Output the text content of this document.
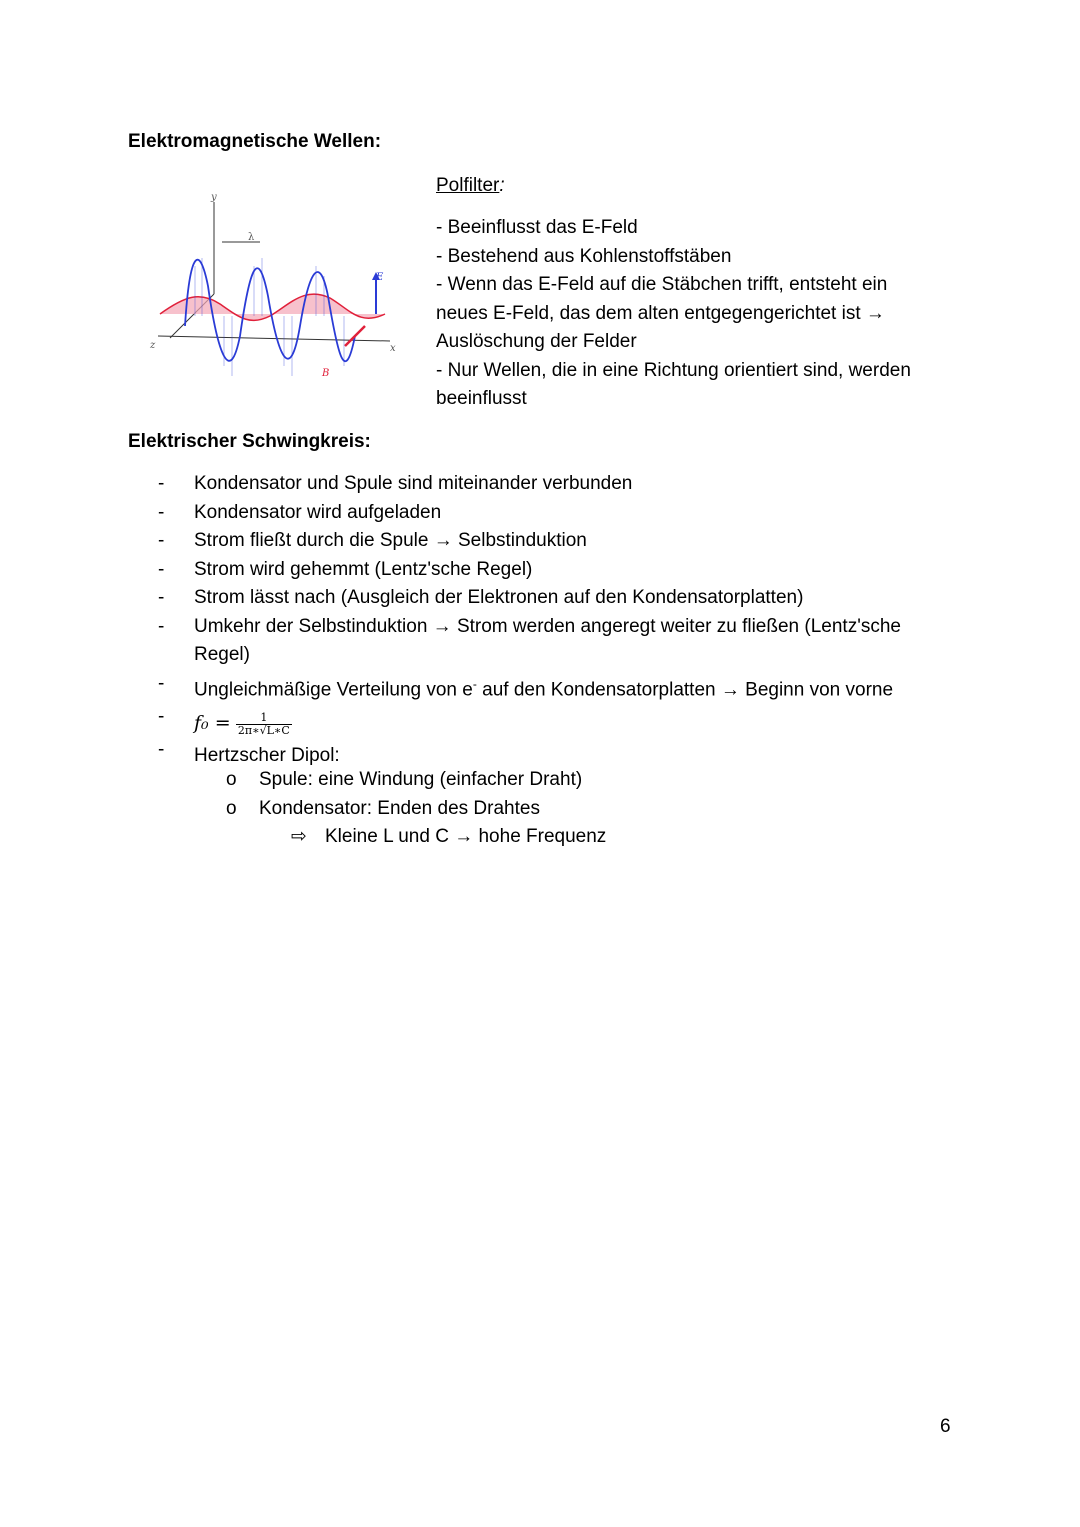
Elektromagnetische Wellen:
y
z	x
λ
E
B
Polfilter:
- Beeinflusst das E-Feld
- Bestehend aus Kohlenstoffstäben
- Wenn das E-Feld auf die Stäbchen trifft, entsteht ein
neues E-Feld, das dem alten entgegengerichtet ist →
Auslöschung der Felder
- Nur Wellen, die in eine Richtung orientiert sind, werden
beeinflusst
Elektrischer Schwingkreis:
-
-
-
-
-
-

-
-
-
Kondensator und Spule sind miteinander verbunden
Kondensator wird aufgeladen
Strom fließt durch die Spule → Selbstinduktion
Strom wird gehemmt (Lentz'sche Regel)
Strom lässt nach (Ausgleich der Elektronen auf den Kondensatorplatten)
Umkehr der Selbstinduktion → Strom werden angeregt weiter zu fließen (Lentz'sche
Regel)
Ungleichmäßige Verteilung von e- auf den Kondensatorplatten → Beginn von vorne
$f_0 = \frac{1}{2\pi∗√L∗C}$
Hertzscher Dipol:
o Spule: eine Windung (einfacher Draht)
o Kondensator: Enden des Drahtes
⇨ Kleine L und C → hohe Frequenz
6
